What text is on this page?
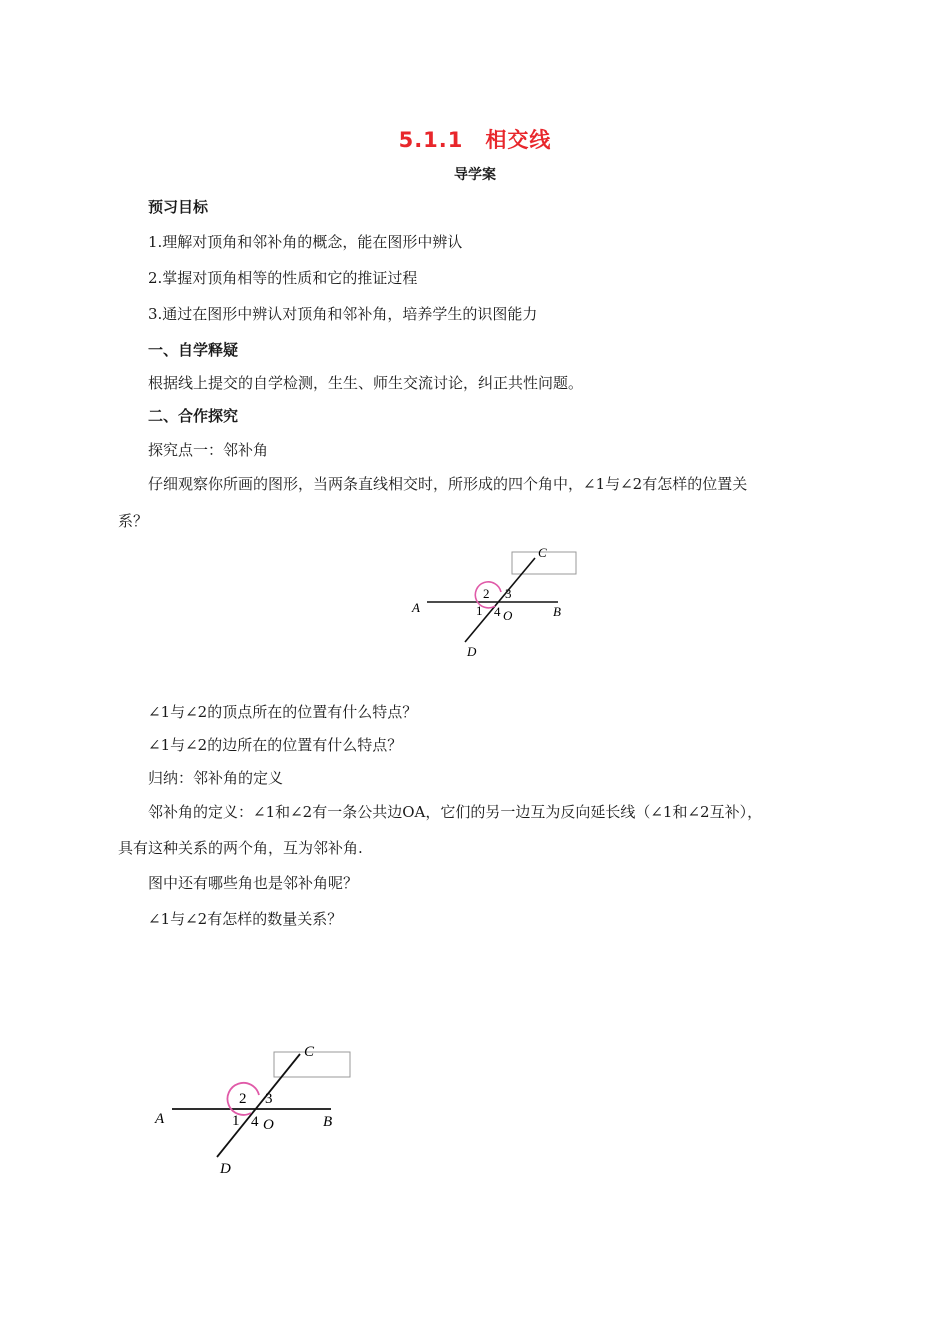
5.1.1　相交线
导学案
预习目标
1.理解对顶角和邻补角的概念，能在图形中辨认
2.掌握对顶角相等的性质和它的推证过程
3.通过在图形中辨认对顶角和邻补角，培养学生的识图能力
一、自学释疑
根据线上提交的自学检测，生生、师生交流讨论，纠正共性问题。
二、合作探究
探究点一：邻补角
仔细观察你所画的图形，当两条直线相交时，所形成的四个角中，∠1与∠2有怎样的位置关
系？
C
A	B
O
D
2 3
1 4
∠1与∠2的顶点所在的位置有什么特点？
∠1与∠2的边所在的位置有什么特点？
归纳：邻补角的定义
邻补角的定义：∠1和∠2有一条公共边OA，它们的另一边互为反向延长线（∠1和∠2互补），
具有这种关系的两个角，互为邻补角.
图中还有哪些角也是邻补角呢？
∠1与∠2有怎样的数量关系？
C
A	B
O
D
2 3
1 4
